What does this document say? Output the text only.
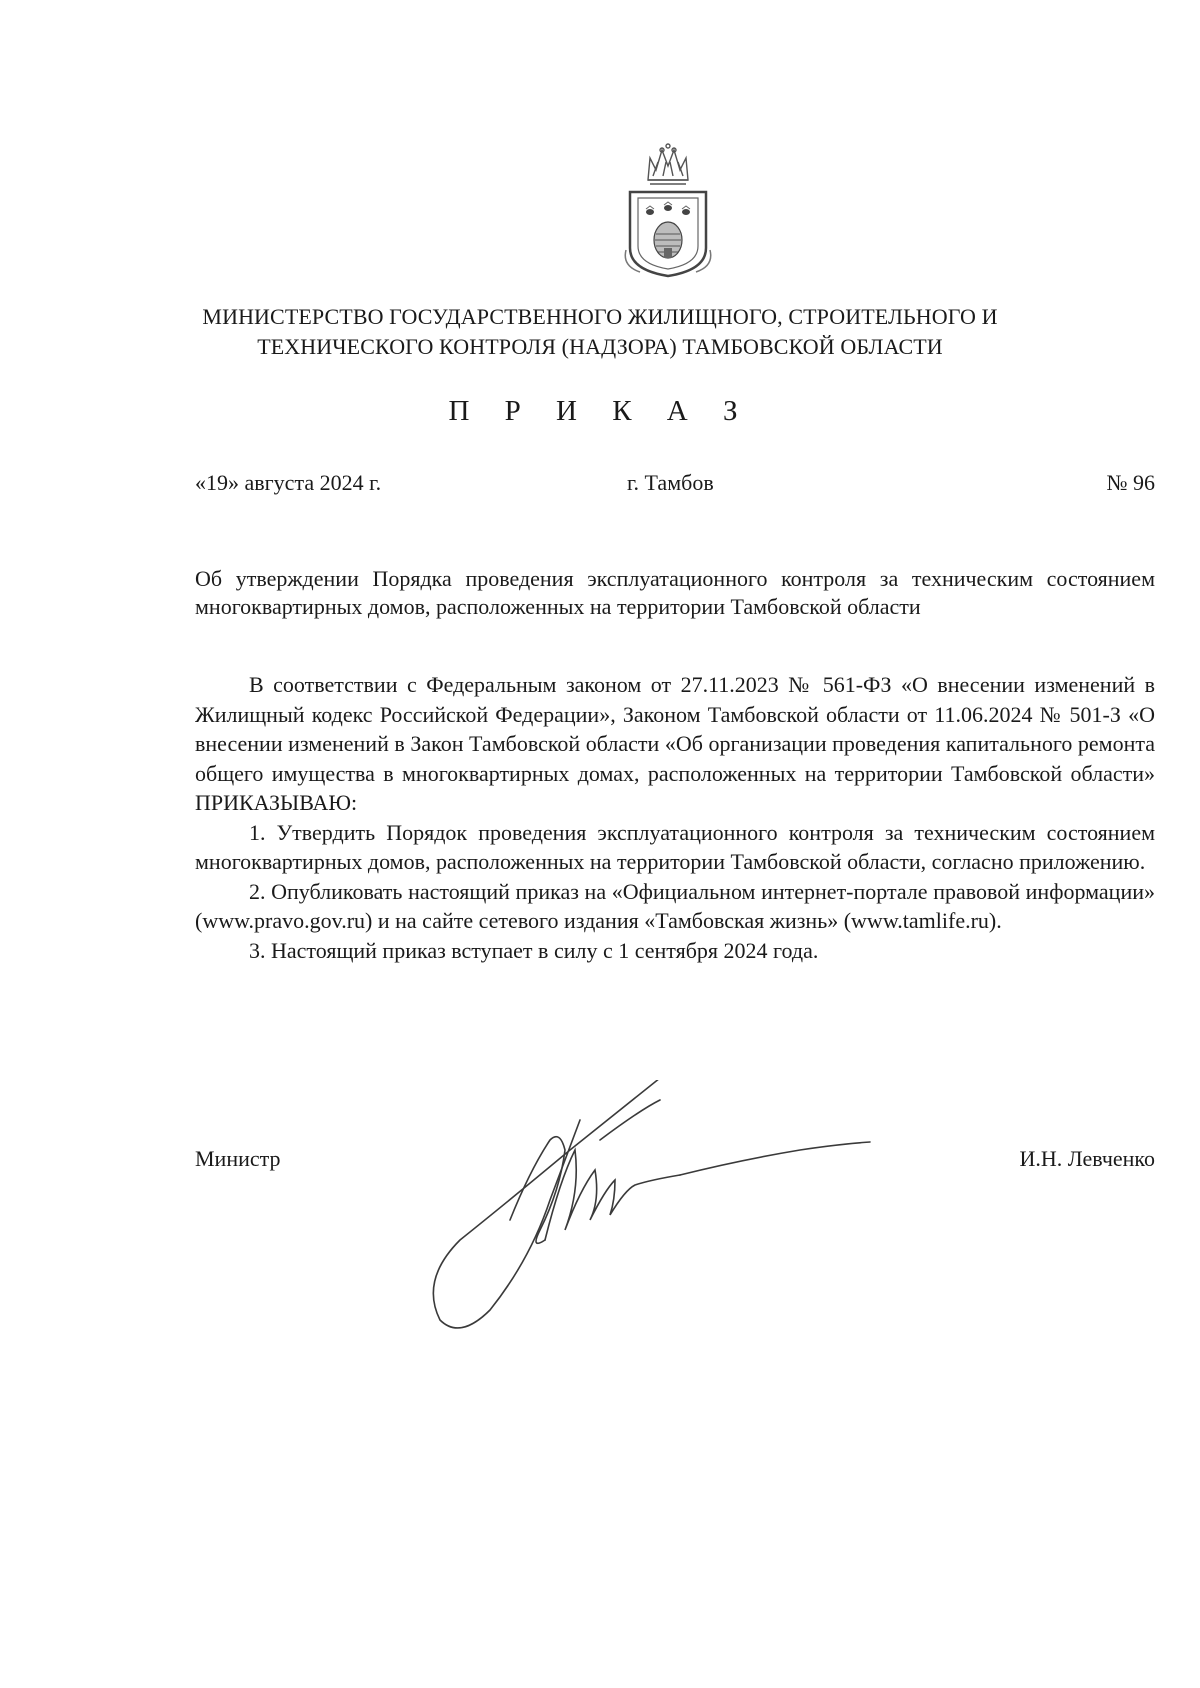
МИНИСТЕРСТВО ГОСУДАРСТВЕННОГО ЖИЛИЩНОГО, СТРОИТЕЛЬНОГО И
ТЕХНИЧЕСКОГО КОНТРОЛЯ (НАДЗОРА) ТАМБОВСКОЙ ОБЛАСТИ
П Р И К А З
«19» августа 2024 г.	г. Тамбов	№ 96
Об утверждении Порядка проведения эксплуатационного контроля за техническим состоянием многоквартирных домов, расположенных на территории Тамбовской области

В соответствии с Федеральным законом от 27.11.2023 № 561-ФЗ «О внесении изменений в Жилищный кодекс Российской Федерации», Законом Тамбовской области от 11.06.2024 № 501-З «О внесении изменений в Закон Тамбовской области «Об организации проведения капитального ремонта общего имущества в многоквартирных домах, расположенных на территории Тамбовской области» ПРИКАЗЫВАЮ:

1. Утвердить Порядок проведения эксплуатационного контроля за техническим состоянием многоквартирных домов, расположенных на территории Тамбовской области, согласно приложению.

2. Опубликовать настоящий приказ на «Официальном интернет-портале правовой информации» (www.pravo.gov.ru) и на сайте сетевого издания «Тамбовская жизнь» (www.tamlife.ru).

3. Настоящий приказ вступает в силу с 1 сентября 2024 года.

Министр	И.Н. Левченко
